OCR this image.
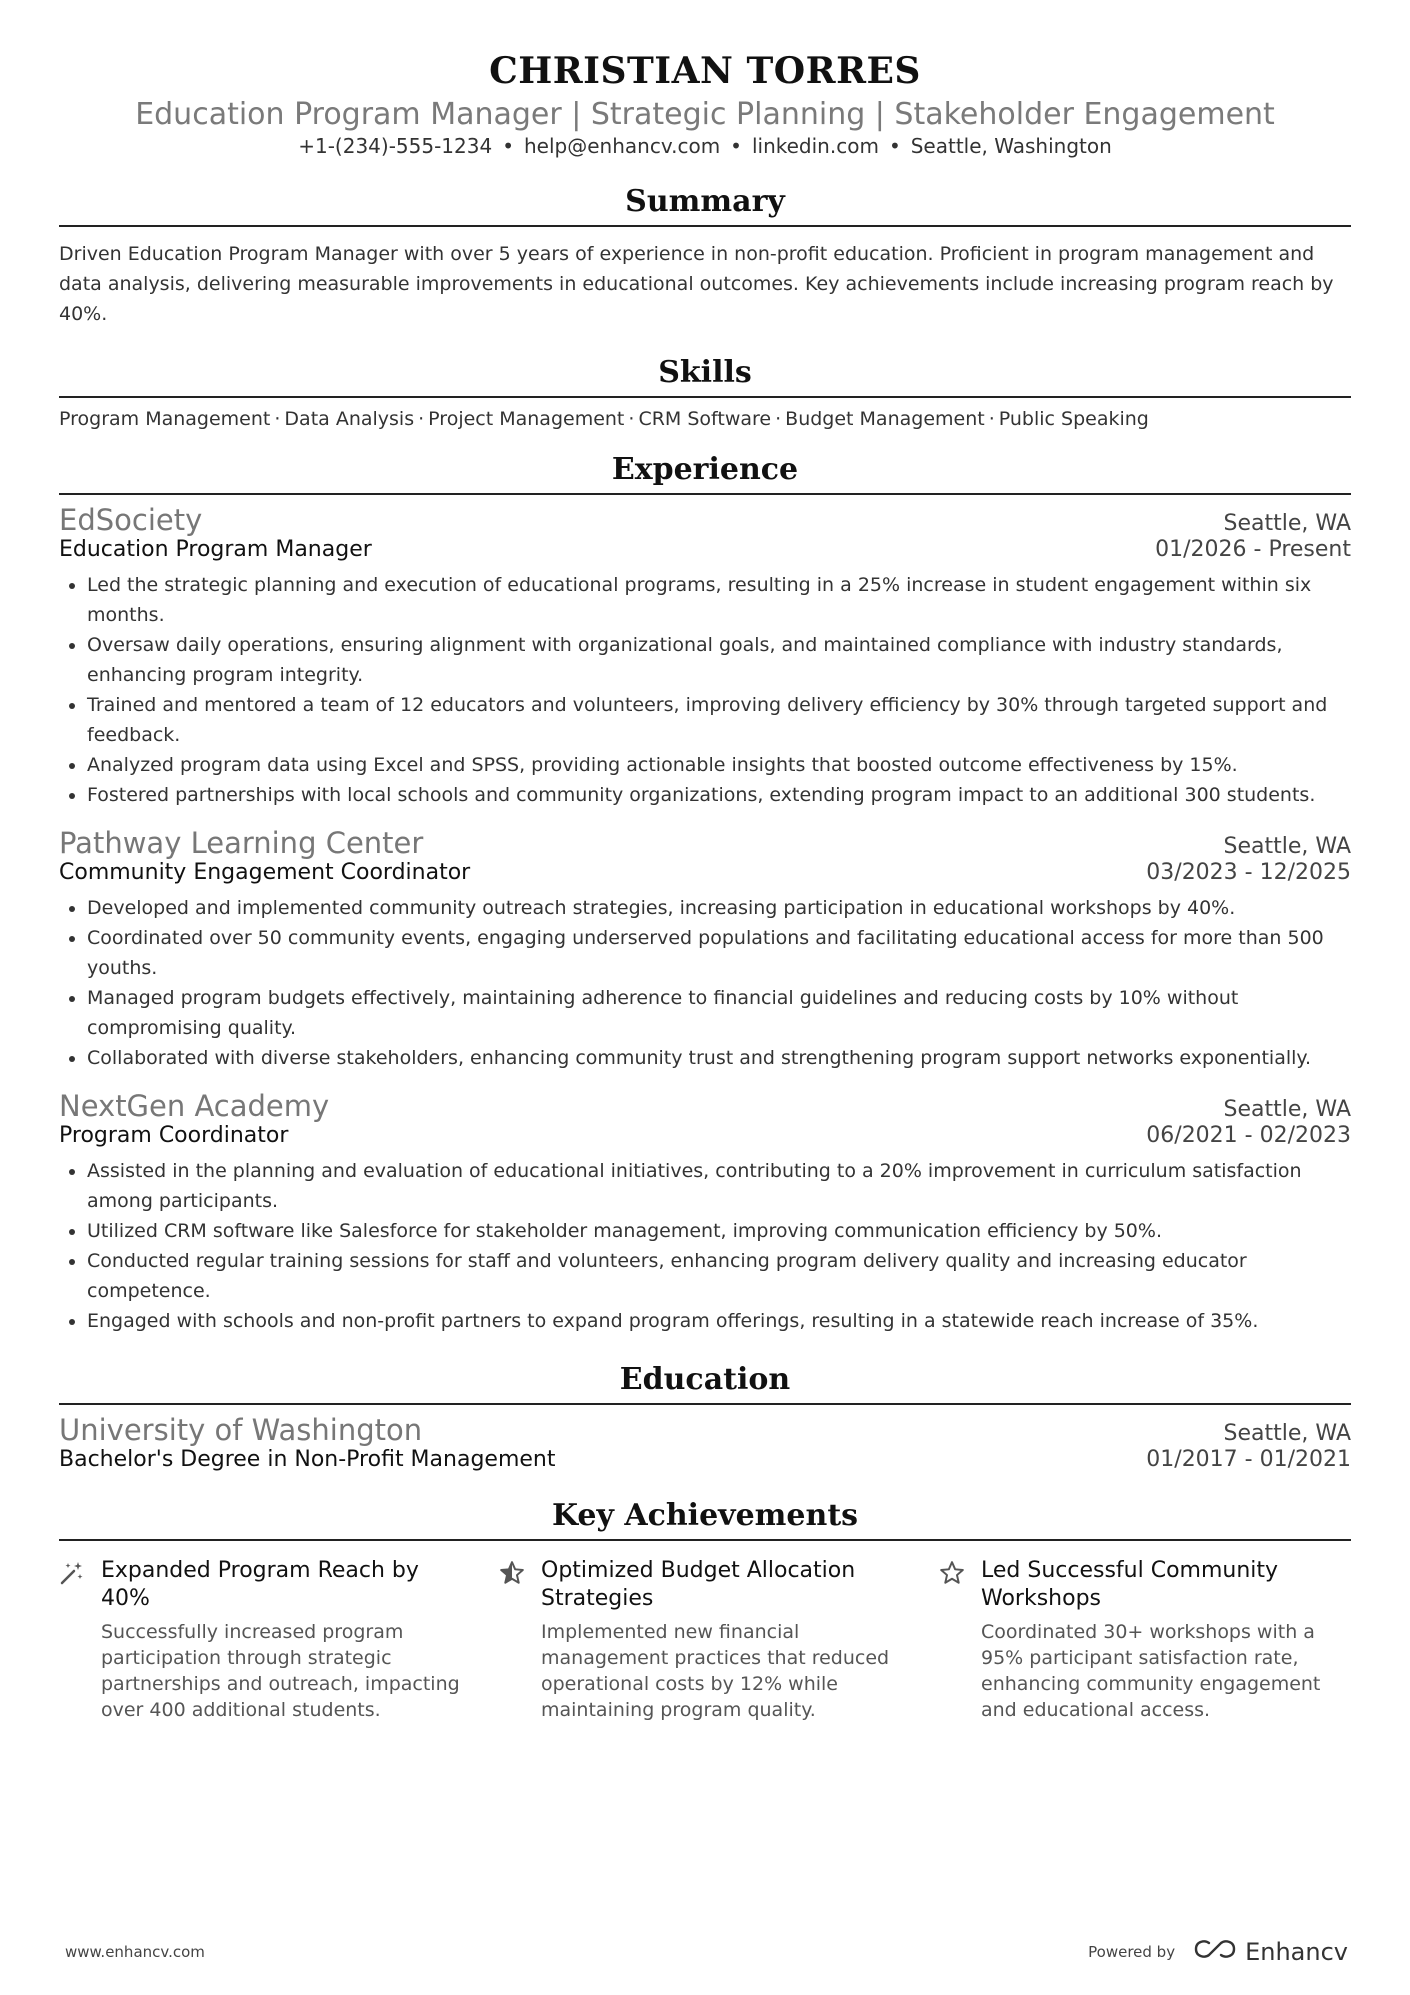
CHRISTIAN TORRES
Education Program Manager | Strategic Planning | Stakeholder Engagement
+1-(234)-555-1234 • help@enhancv.com • linkedin.com • Seattle, Washington
Summary
Driven Education Program Manager with over 5 years of experience in non-profit education. Proficient in program management and data analysis, delivering measurable improvements in educational outcomes. Key achievements include increasing program reach by 40%.
Skills
Program Management · Data Analysis · Project Management · CRM Software · Budget Management · Public Speaking
Experience
EdSociety	Seattle, WA
Education Program Manager	01/2026 - Present
• Led the strategic planning and execution of educational programs, resulting in a 25% increase in student engagement within six months.
• Oversaw daily operations, ensuring alignment with organizational goals, and maintained compliance with industry standards, enhancing program integrity.
• Trained and mentored a team of 12 educators and volunteers, improving delivery efficiency by 30% through targeted support and feedback.
• Analyzed program data using Excel and SPSS, providing actionable insights that boosted outcome effectiveness by 15%.
• Fostered partnerships with local schools and community organizations, extending program impact to an additional 300 students.
Pathway Learning Center	Seattle, WA
Community Engagement Coordinator	03/2023 - 12/2025
• Developed and implemented community outreach strategies, increasing participation in educational workshops by 40%.
• Coordinated over 50 community events, engaging underserved populations and facilitating educational access for more than 500 youths.
• Managed program budgets effectively, maintaining adherence to financial guidelines and reducing costs by 10% without compromising quality.
• Collaborated with diverse stakeholders, enhancing community trust and strengthening program support networks exponentially.
NextGen Academy	Seattle, WA
Program Coordinator	06/2021 - 02/2023
• Assisted in the planning and evaluation of educational initiatives, contributing to a 20% improvement in curriculum satisfaction among participants.
• Utilized CRM software like Salesforce for stakeholder management, improving communication efficiency by 50%.
• Conducted regular training sessions for staff and volunteers, enhancing program delivery quality and increasing educator competence.
• Engaged with schools and non-profit partners to expand program offerings, resulting in a statewide reach increase of 35%.
Education
University of Washington	Seattle, WA
Bachelor's Degree in Non-Profit Management	01/2017 - 01/2021
Key Achievements
Expanded Program Reach by 40%
Successfully increased program participation through strategic partnerships and outreach, impacting over 400 additional students.
Optimized Budget Allocation Strategies
Implemented new financial management practices that reduced operational costs by 12% while maintaining program quality.
Led Successful Community Workshops
Coordinated 30+ workshops with a 95% participant satisfaction rate, enhancing community engagement and educational access.
www.enhancv.com	Powered by	Enhancv
